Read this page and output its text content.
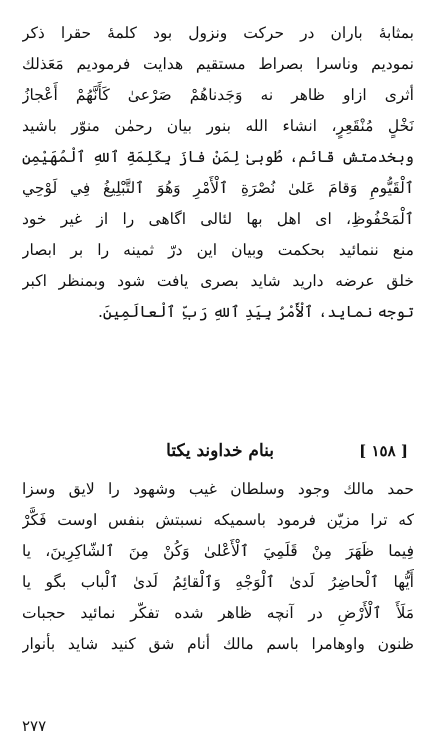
بمثابهٔ باران در حرکت ونزول بود کلمهٔ حقرا ذکر
نمودیم وناسرا بصراط مستقیم هدایت فرمودیم مَعَذلك
أثری ازاو ظاهر نه وَجَدناهُمْ صَرْعیٰ كَأَنَّهُمْ أَعْجازُ
نَخْلٍ مُنْقَعِرٍ، انشاء الله بنور بیان رحمٰن منوّر باشید
وبخدمتش قائم، طُوبیٰ لِمَنْ فازَ بِكَلِمَةِ ٱللهِ ٱلْمُهَيْمِنِ
ٱلْقَيُّومِ وَقامَ عَلىٰ نُصْرَةِ ٱلْأَمْرِ وَهُوَ ٱلتَّبْلِيغُ فِي لَوْحِي
ٱلْمَحْفُوظِ، ای اهل بها لئالی اگاهی را از غیر خود
منع ننمائید بحکمت وبیان این درّ ثمینه را بر ابصار
خلق عرضه دارید شاید بصری یافت شود وبمنظر اکبر
توجه نماید، ٱلْأَمْرُ بِيَدِ ٱللهِ رَبِّ ٱلْعالَمِينَ.
[ ١٥٨ ]
بنام خداوند یکتا
حمد مالك وجود وسلطان غیب وشهود را لایق وسزا
که ترا مزیّن فرمود باسمیکه نسبتش بنفس اوست فَكَّرْ
فِيما ظَهَرَ مِنْ قَلَمِيَ ٱلْأَعْلىٰ وَكُنْ مِنَ ٱلشّاكِرِينَ، يا
أَيُّها ٱلْحاضِرُ لَدىٰ ٱلْوَجْهِ وَٱلْقائِمُ لَدىٰ ٱلْباب بگو يا
مَلَأَ ٱلْأَرْضِ در آنچه ظاهر شده تفکّر نمائید حجبات
ظنون واوهامرا باسم مالك أنام شق كنيد شايد بأنوار
٢٧٧
